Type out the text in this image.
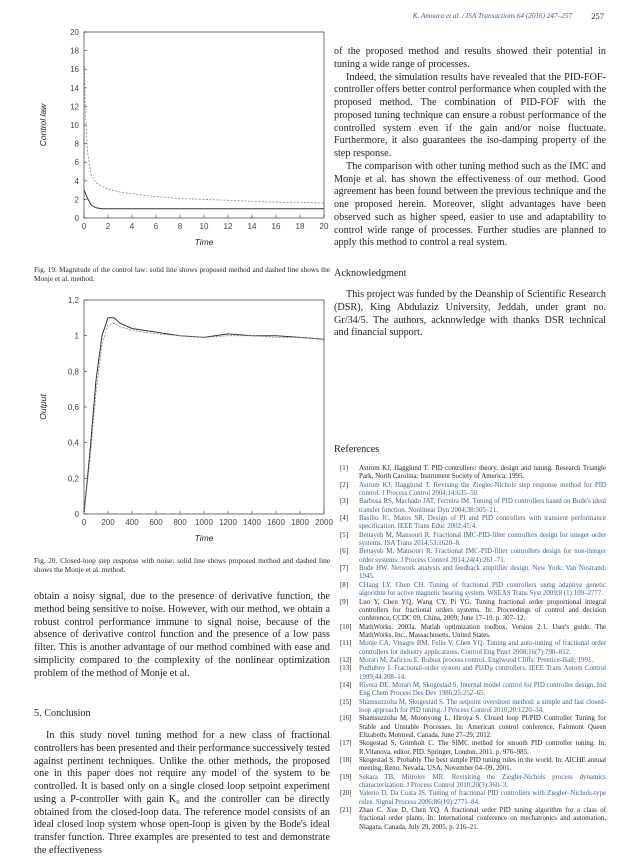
K. Amoura et al. / ISA Transactions 64 (2016) 247–257 257
0 2 4 6 8 10 12 14 16 18 20
0
2
4
6
8
10
12
14
16
18
20
Time
Control law
Fig. 19. Magnitude of the control law: solid line shows proposed method and dashed line shows the Monje et al. method.
0 200 400 600 800 1000 1200 1400 1600 1800 2000
0
0,2
0,4
0,6
0,8
1
1,2
Time
Output
Fig. 20. Closed-loop step response with noise: solid line shows proposed method and dashed line shows the Monje et al. method.

obtain a noisy signal, due to the presence of derivative function, the method being sensitive to noise. However, with our method, we obtain a robust control performance immune to signal noise, because of the absence of derivative control function and the presence of a low pass filter. This is another advantage of our method combined with ease and simplicity compared to the complexity of the nonlinear optimization problem of the method of Monje et al.

5. Conclusion

In this study novel tuning method for a new class of fractional controllers has been presented and their performance successively tested against pertinent techniques. Unlike the other methods, the proposed one in this paper does not require any model of the system to be controlled. It is based only on a single closed loop setpoint experiment using a P-controller with gain K₀ and the controller can be directly obtained from the closed-loop data. The reference model consists of an ideal closed loop system whose open-loop is given by the Bode's ideal transfer function. Three examples are presented to test and demonstrate the effectiveness

of the proposed method and results showed their potential in tuning a wide range of processes.

Indeed, the simulation results have revealed that the PID-FOF-controller offers better control performance when coupled with the proposed method. The combination of PID-FOF with the proposed tuning technique can ensure a robust performance of the controlled system even if the gain and/or noise fluctuate. Furthermore, it also guarantees the iso-damping property of the step response.

The comparison with other tuning method such as the IMC and Monje et al. has shown the effectiveness of our method. Good agreement has been found between the previous technique and the one proposed herein. Moreover, slight advantages have been observed such as higher speed, easier to use and adaptability to control wide range of processes. Further studies are planned to apply this method to control a real system.

Acknowledgment

This project was funded by the Deanship of Scientific Research (DSR), King Abdulaziz University, Jeddah, under grant no. Gr/34/5. The authors, acknowledge with thanks DSR technical and financial support.

References
[1]	Astrom KJ, Hagglund T. PID controllers: theory, design and tuning. Research Triangle Park, North Carolina: Instrument Society of America; 1995.
[2]	Astrom KJ, Hagglund T. Revising the Ziegler-Nichols step response method for PID control. J Process Control 2004;14:635–50.
[3]	Barbosa RS, Machado JAT, Ferreira IM. Tuning of PID controllers based on Bode's ideal transfer function. Nonlinear Dyn 2004;38:305–21.
[4]	Basilio JC, Matos SR. Design of PI and PID controllers with transient performance specification. IEEE Trans Educ 2002;45:4.
[5]	Bettayeb M, Mansouri R. Fractional IMC-PID-filter controllers design for integer order systems. ISA Trans 2014;53:1620–8.
[6]	Bettayeb M, Mansouri R. Fractional IMC-PID-filter controllers design for non-integer order systems. J Process Control 2014;24(4):261–71.
[7]	Bode HW. Network analysis and feedback amplifier design. New York: Van Nostrand; 1945.
[8]	CHang LY, Chen CH. Tuning of fractional PID controllers using adaptive genetic algorithm for active magnetic bearing system. WSEAS Trans Syst 2009;8 (1):109–2777.
[9]	Luo Y, Chen YQ, Wang CY, Pi YG. Tuning fractional order proportional integral controllers for fractional orders systems. In: Proceedings of control and decision conference, CCDC 09, China, 2009; June 17–19. p. 307–12.
[10]	MathWorks. 2003a. Matlab optimization toolbox, Version 2.1. User's guide. The MathWorks, Inc., Massachusetts, United States.
[11]	Monje CA, Vinagre BM, Feliu V, Chen YQ. Tuning and auto-tuning of fractional order controllers for industry applications. Control Eng Pract 2008;16(7):798–812.
[12]	Morari M, Zafiriou E. Robust process control. Englwood Cliffs: Prentice-Hall; 1991.
[13]	Podlubny I. Fractional-order system and PIλDμ controllers. IEEE Trans Autom Control 1999;44:208–14.
[14]	Rivera DE, Morari M, Skogestad S. Internal model control for PID controller design. Ind Eng Chem Process Des Dev 1986;25:252–65.
[15]	Shamsuzzoha M, Skogestad S. The setpoint overshoot method: a simple and fast closed-loop approach for PID tuning. J Process Control 2010;20:1220–34.
[16]	Shamsuzzoha M, Moonyong L, Hiroya S. Closed loop PI/PID Controller Tuning for Stable and Unstable Processes. In: American control conference, Fairmont Queen Elizabeth, Montreal, Canada, June 27–29, 2012.
[17]	Skogestad S, Grimholt C. The SIMC method for smooth PID controller tuning. In: R.Vilanova, editor. PID. Springer, London, 2011. p. 976–985.
[18]	Skogestad S. Probably The best simple PID tuning rules in the world. In: AICHE annual meeting, Reno, Nevada, USA, November 04–09, 2001.
[19]	Sekara TB, Mitrolev MR. Revisiting the Ziegler-Nichols process dynamics characterization. J Process Control 2010;20(3):360–3.
[20]	Valerio D, Da Costa JS. Tuning of fractional PID controllers with Ziegler–Nichols-type rules. Signal Process 2006;86(10):2771–84.
[21]	Zhao C, Xue D, Chen YQ. A fractional order PID tuning algorithm for a class of fractional order plants. In: International conference on mechatronics and automation, Niagara, Canada, July 29, 2005. p. 216–21.
